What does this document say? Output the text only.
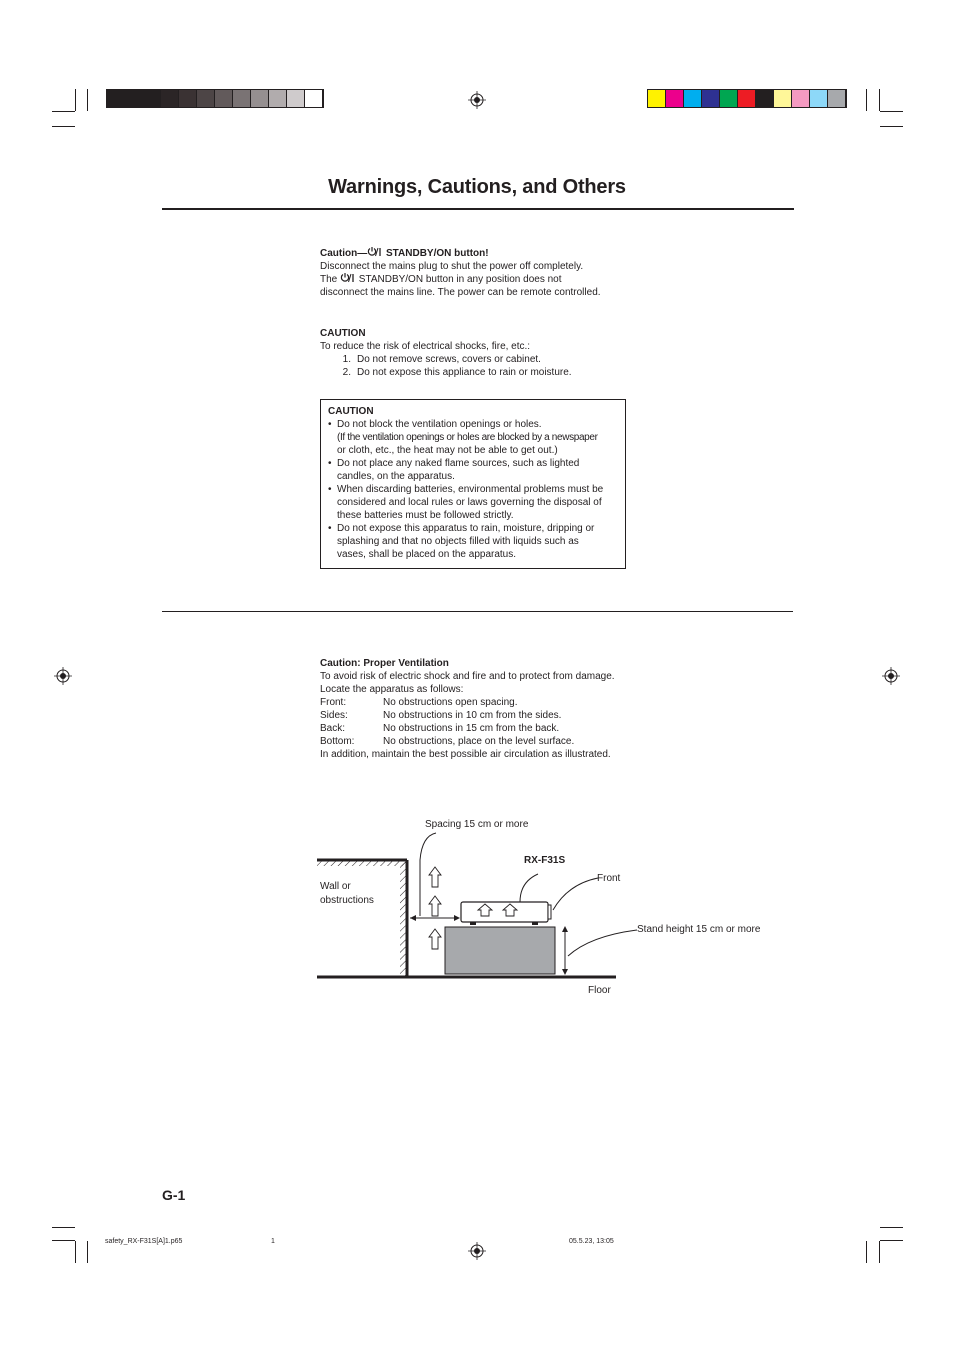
Warnings, Cautions, and Others
Caution— STANDBY/ON button!
Disconnect the mains plug to shut the power off completely.
The  STANDBY/ON button in any position does not
disconnect the mains line. The power can be remote controlled.
CAUTION
To reduce the risk of electrical shocks, fire, etc.:
1. Do not remove screws, covers or cabinet.
2. Do not expose this appliance to rain or moisture.
CAUTION
• Do not block the ventilation openings or holes.
(If the ventilation openings or holes are blocked by a newspaper
or cloth, etc., the heat may not be able to get out.)
• Do not place any naked flame sources, such as lighted
candles, on the apparatus.
• When discarding batteries, environmental problems must be
considered and local rules or laws governing the disposal of
these batteries must be followed strictly.
• Do not expose this apparatus to rain, moisture, dripping or
splashing and that no objects filled with liquids such as
vases, shall be placed on the apparatus.
Caution: Proper Ventilation
To avoid risk of electric shock and fire and to protect from damage.
Locate the apparatus as follows:
Front:	No obstructions open spacing.
Sides:	No obstructions in 10 cm from the sides.
Back:	No obstructions in 15 cm from the back.
Bottom:	No obstructions, place on the level surface.
In addition, maintain the best possible air circulation as illustrated.
Spacing 15 cm or more
RX-F31S
Front
Wall or
obstructions
Stand height 15 cm or more
Floor
G-1
safety_RX-F31S[A]1.p65	1	05.5.23, 13:05
